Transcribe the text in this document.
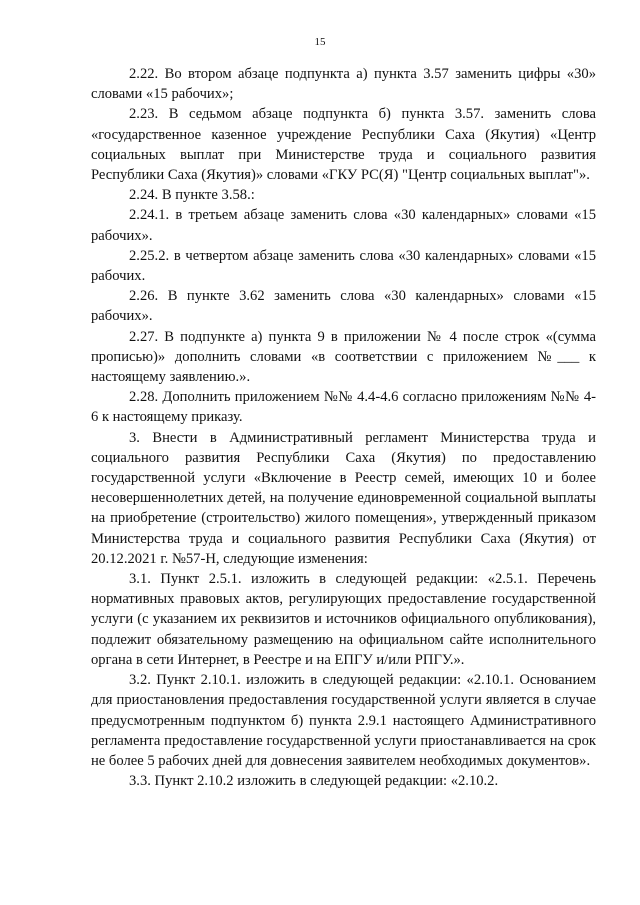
15

2.22. Во втором абзаце подпункта а) пункта 3.57 заменить цифры «30» словами «15 рабочих»;

2.23. В седьмом абзаце подпункта б) пункта 3.57. заменить слова «государственное казенное учреждение Республики Саха (Якутия) «Центр социальных выплат при Министерстве труда и социального развития Республики Саха (Якутия)» словами «ГКУ РС(Я) "Центр социальных выплат"».

2.24. В пункте 3.58.:

2.24.1. в третьем абзаце заменить слова «30 календарных» словами «15 рабочих».

2.25.2. в четвертом абзаце заменить слова «30 календарных» словами «15 рабочих.

2.26. В пункте 3.62 заменить слова «30 календарных» словами «15 рабочих».

2.27. В подпункте а) пункта 9 в приложении № 4 после строк «(сумма прописью)» дополнить словами «в соответствии с приложением №___ к настоящему заявлению.».

2.28. Дополнить приложением №№ 4.4-4.6 согласно приложениям №№ 4-6 к настоящему приказу.

3. Внести в Административный регламент Министерства труда и социального развития Республики Саха (Якутия) по предоставлению государственной услуги «Включение в Реестр семей, имеющих 10 и более несовершеннолетних детей, на получение единовременной социальной выплаты на приобретение (строительство) жилого помещения», утвержденный приказом Министерства труда и социального развития Республики Саха (Якутия) от 20.12.2021 г. №57-Н, следующие изменения:

3.1. Пункт 2.5.1. изложить в следующей редакции: «2.5.1. Перечень нормативных правовых актов, регулирующих предоставление государственной услуги (с указанием их реквизитов и источников официального опубликования), подлежит обязательному размещению на официальном сайте исполнительного органа в сети Интернет, в Реестре и на ЕПГУ и/или РПГУ.».

3.2. Пункт 2.10.1. изложить в следующей редакции: «2.10.1. Основанием для приостановления предоставления государственной услуги является в случае предусмотренным подпунктом б) пункта 2.9.1 настоящего Административного регламента предоставление государственной услуги приостанавливается на срок не более 5 рабочих дней для довнесения заявителем необходимых документов».

3.3. Пункт 2.10.2 изложить в следующей редакции: «2.10.2.
